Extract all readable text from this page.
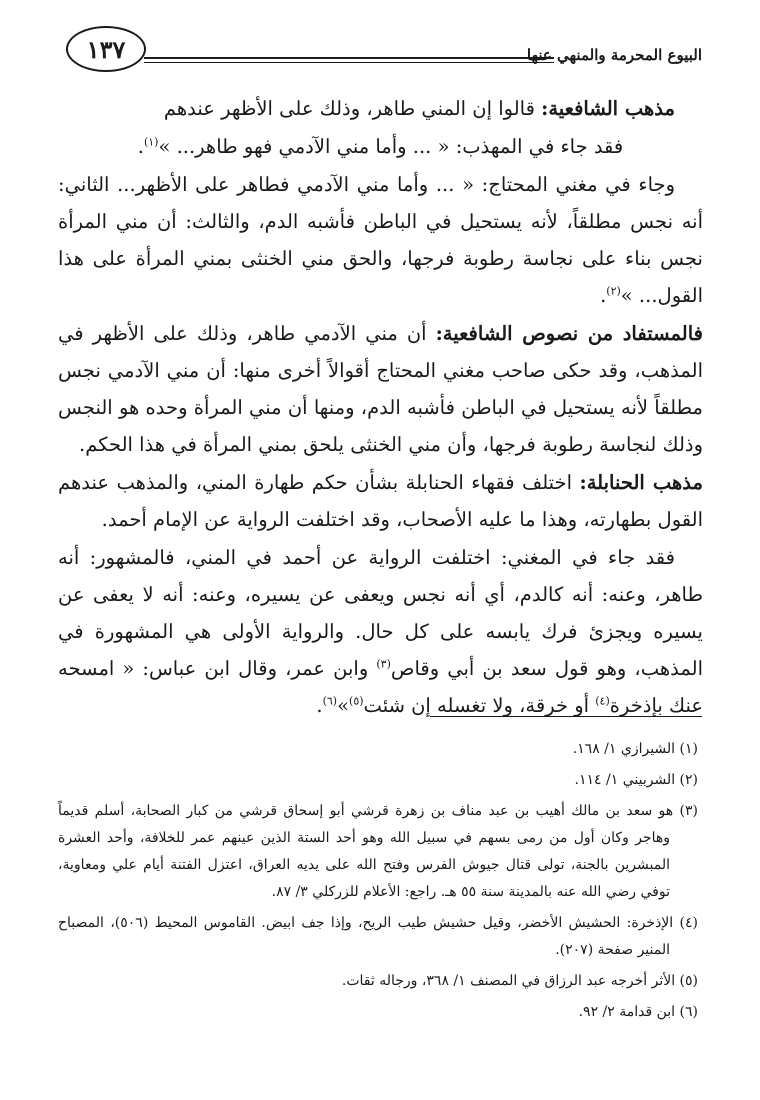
١٣٧	البيوع المحرمة والمنهي عنها

مذهب الشافعية: قالوا إن المني طاهر، وذلك على الأظهر عندهم

فقد جاء في المهذب: « ... وأما مني الآدمي فهو طاهر... »$^{(١)}$.

وجاء في مغني المحتاج: « ... وأما مني الآدمي فطاهر على الأظهر... الثاني: أنه نجس مطلقاً، لأنه يستحيل في الباطن فأشبه الدم، والثالث: أن مني المرأة نجس بناء على نجاسة رطوبة فرجها، والحق مني الخنثى بمني المرأة على هذا القول... »$^{(٢)}$.

فالمستفاد من نصوص الشافعية: أن مني الآدمي طاهر، وذلك على الأظهر في المذهب، وقد حكى صاحب مغني المحتاج أقوالاً أخرى منها: أن مني الآدمي نجس مطلقاً لأنه يستحيل في الباطن فأشبه الدم، ومنها أن مني المرأة وحده هو النجس وذلك لنجاسة رطوبة فرجها، وأن مني الخنثى يلحق بمني المرأة في هذا الحكم.

مذهب الحنابلة: اختلف فقهاء الحنابلة بشأن حكم طهارة المني، والمذهب عندهم القول بطهارته، وهذا ما عليه الأصحاب، وقد اختلفت الرواية عن الإمام أحمد.

فقد جاء في المغني: اختلفت الرواية عن أحمد في المني، فالمشهور: أنه طاهر، وعنه: أنه كالدم، أي أنه نجس ويعفى عن يسيره، وعنه: أنه لا يعفى عن يسيره ويجزئ فرك يابسه على كل حال. والرواية الأولى هي المشهورة في المذهب، وهو قول سعد بن أبي وقاص$^{(٣)}$ وابن عمر، وقال ابن عباس: « امسحه عنك بإذخرة$^{(٤)}$ أو خرقة، ولا تغسله إن شئت$^{(٥)}$»$^{(٦)}$.

(١) الشيرازي ١/ ١٦٨.

(٢) الشربيني ١/ ١١٤.

(٣) هو سعد بن مالك أهيب بن عبد مناف بن زهرة قرشي أبو إسحاق قرشي من كبار الصحابة، أسلم قديماً وهاجر وكان أول من رمى بسهم في سبيل الله وهو أحد الستة الذين عينهم عمر للخلافة، وأحد العشرة المبشرين بالجنة، تولى قتال جيوش الفرس وفتح الله على يديه العراق، اعتزل الفتنة أيام علي ومعاوية، توفي رضي الله عنه بالمدينة سنة ٥٥ هـ. راجع: الأعلام للزركلي ٣/ ٨٧.

(٤) الإذخرة: الحشيش الأخضر، وقيل حشيش طيب الريح، وإذا جف ابيض. القاموس المحيط (٥٠٦)، المصباح المنير صفحة (٢٠٧).

(٥) الأثر أخرجه عبد الرزاق في المصنف ١/ ٣٦٨، ورجاله ثقات.

(٦) ابن قدامة ٢/ ٩٢.
